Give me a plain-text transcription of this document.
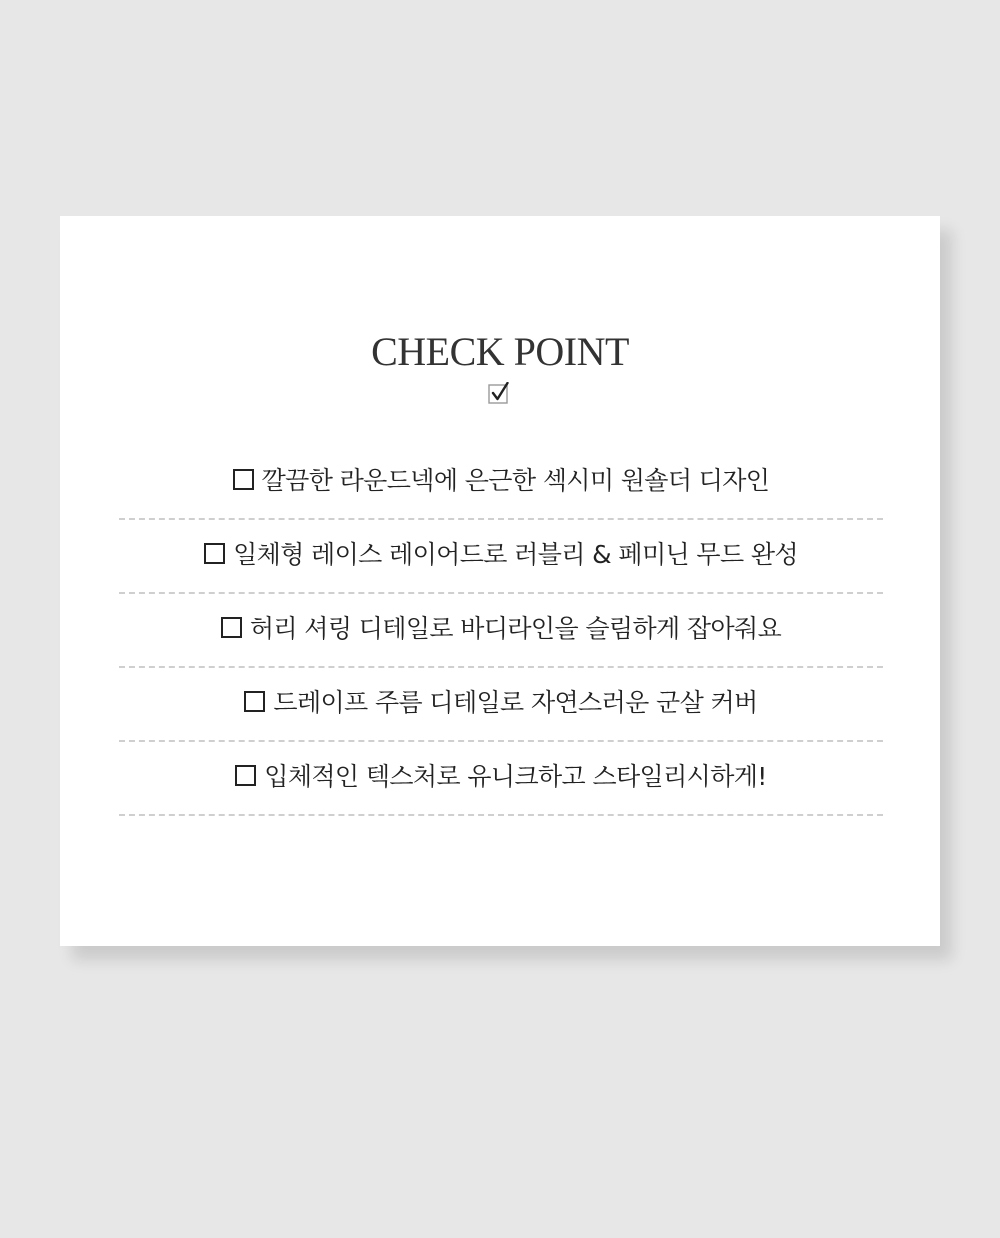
CHECK POINT
깔끔한 라운드넥에 은근한 섹시미 원숄더 디자인
일체형 레이스 레이어드로 러블리 & 페미닌 무드 완성
허리 셔링 디테일로 바디라인을 슬림하게 잡아줘요
드레이프 주름 디테일로 자연스러운 군살 커버
입체적인 텍스처로 유니크하고 스타일리시하게!
